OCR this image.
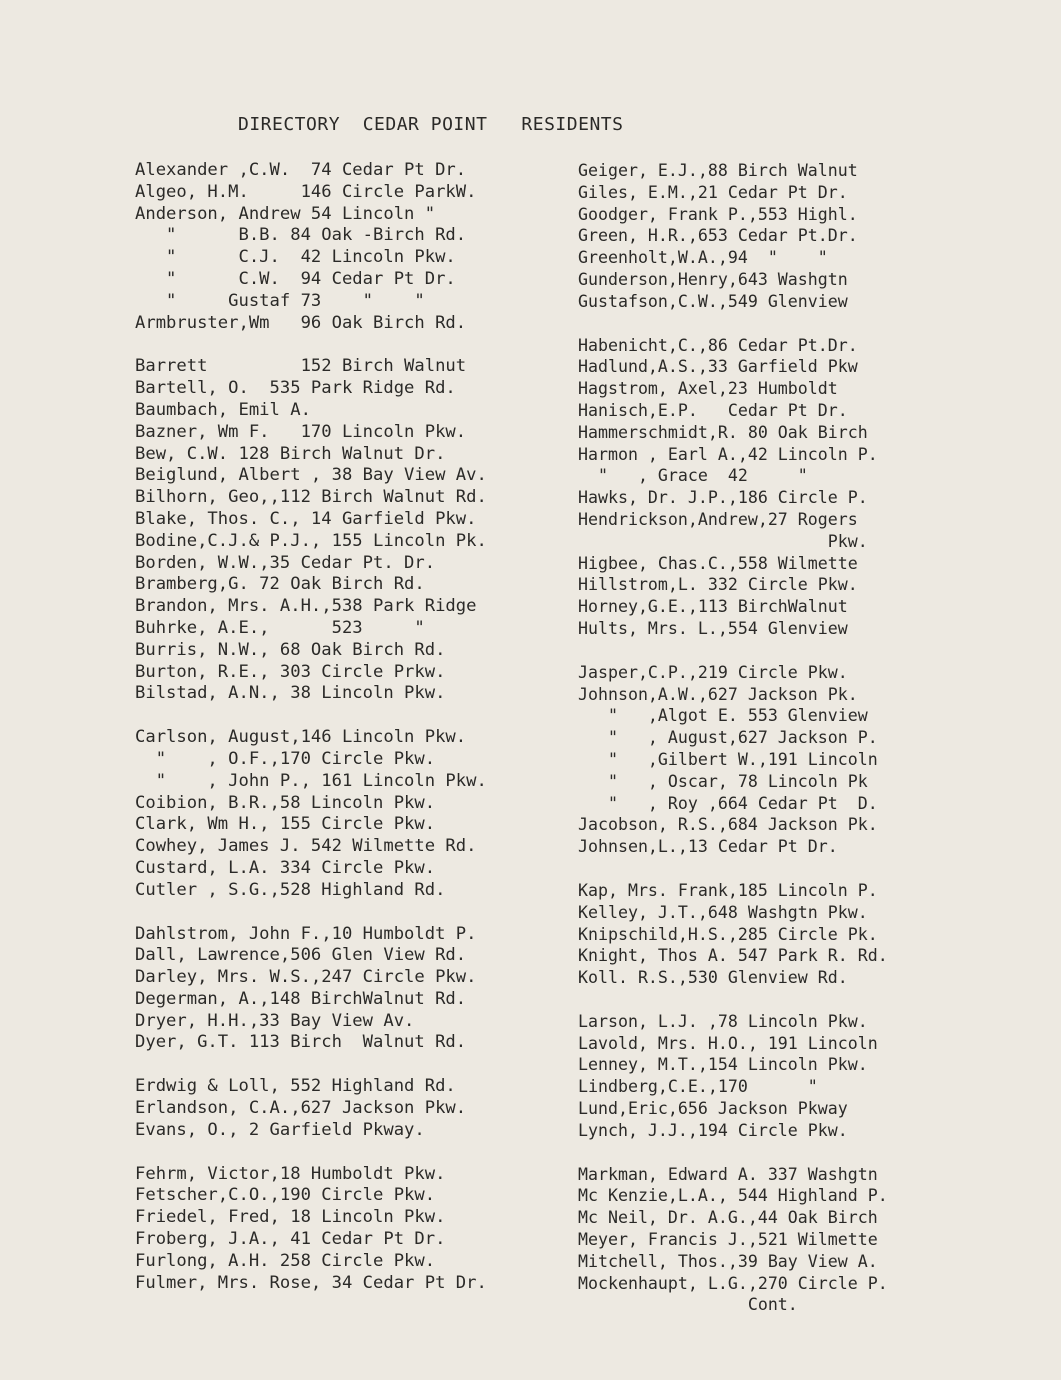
DIRECTORY  CEDAR POINT   RESIDENTS
Alexander ,C.W.  74 Cedar Pt Dr.
Algeo, H.M.     146 Circle ParkW.
Anderson, Andrew 54 Lincoln "
"      B.B. 84 Oak -Birch Rd.
"      C.J.  42 Lincoln Pkw.
"      C.W.  94 Cedar Pt Dr.
"     Gustaf 73    "    "
Armbruster,Wm   96 Oak Birch Rd.
Barrett         152 Birch Walnut
Bartell, O.  535 Park Ridge Rd.
Baumbach, Emil A.
Bazner, Wm F.   170 Lincoln Pkw.
Bew, C.W. 128 Birch Walnut Dr.
Beiglund, Albert , 38 Bay View Av.
Bilhorn, Geo,,112 Birch Walnut Rd.
Blake, Thos. C., 14 Garfield Pkw.
Bodine,C.J.& P.J., 155 Lincoln Pk.
Borden, W.W.,35 Cedar Pt. Dr.
Bramberg,G. 72 Oak Birch Rd.
Brandon, Mrs. A.H.,538 Park Ridge
Buhrke, A.E.,      523     "
Burris, N.W., 68 Oak Birch Rd.
Burton, R.E., 303 Circle Prkw.
Bilstad, A.N., 38 Lincoln Pkw.
Carlson, August,146 Lincoln Pkw.
"    , O.F.,170 Circle Pkw.
"    , John P., 161 Lincoln Pkw.
Coibion, B.R.,58 Lincoln Pkw.
Clark, Wm H., 155 Circle Pkw.
Cowhey, James J. 542 Wilmette Rd.
Custard, L.A. 334 Circle Pkw.
Cutler , S.G.,528 Highland Rd.
Dahlstrom, John F.,10 Humboldt P.
Dall, Lawrence,506 Glen View Rd.
Darley, Mrs. W.S.,247 Circle Pkw.
Degerman, A.,148 BirchWalnut Rd.
Dryer, H.H.,33 Bay View Av.
Dyer, G.T. 113 Birch  Walnut Rd.
Erdwig & Loll, 552 Highland Rd.
Erlandson, C.A.,627 Jackson Pkw.
Evans, O., 2 Garfield Pkway.
Fehrm, Victor,18 Humboldt Pkw.
Fetscher,C.O.,190 Circle Pkw.
Friedel, Fred, 18 Lincoln Pkw.
Froberg, J.A., 41 Cedar Pt Dr.
Furlong, A.H. 258 Circle Pkw.
Fulmer, Mrs. Rose, 34 Cedar Pt Dr.
Geiger, E.J.,88 Birch Walnut
Giles, E.M.,21 Cedar Pt Dr.
Goodger, Frank P.,553 Highl.
Green, H.R.,653 Cedar Pt.Dr.
Greenholt,W.A.,94  "    "
Gunderson,Henry,643 Washgtn
Gustafson,C.W.,549 Glenview
Habenicht,C.,86 Cedar Pt.Dr.
Hadlund,A.S.,33 Garfield Pkw
Hagstrom, Axel,23 Humboldt
Hanisch,E.P.   Cedar Pt Dr.
Hammerschmidt,R. 80 Oak Birch
Harmon , Earl A.,42 Lincoln P.
"   , Grace  42     "
Hawks, Dr. J.P.,186 Circle P.
Hendrickson,Andrew,27 Rogers
Pkw.
Higbee, Chas.C.,558 Wilmette
Hillstrom,L. 332 Circle Pkw.
Horney,G.E.,113 BirchWalnut
Hults, Mrs. L.,554 Glenview
Jasper,C.P.,219 Circle Pkw.
Johnson,A.W.,627 Jackson Pk.
"   ,Algot E. 553 Glenview
"   , August,627 Jackson P.
"   ,Gilbert W.,191 Lincoln
"   , Oscar, 78 Lincoln Pk
"   , Roy ,664 Cedar Pt  D.
Jacobson, R.S.,684 Jackson Pk.
Johnsen,L.,13 Cedar Pt Dr.
Kap, Mrs. Frank,185 Lincoln P.
Kelley, J.T.,648 Washgtn Pkw.
Knipschild,H.S.,285 Circle Pk.
Knight, Thos A. 547 Park R. Rd.
Koll. R.S.,530 Glenview Rd.
Larson, L.J. ,78 Lincoln Pkw.
Lavold, Mrs. H.O., 191 Lincoln
Lenney, M.T.,154 Lincoln Pkw.
Lindberg,C.E.,170      "
Lund,Eric,656 Jackson Pkway
Lynch, J.J.,194 Circle Pkw.
Markman, Edward A. 337 Washgtn
Mc Kenzie,L.A., 544 Highland P.
Mc Neil, Dr. A.G.,44 Oak Birch
Meyer, Francis J.,521 Wilmette
Mitchell, Thos.,39 Bay View A.
Mockenhaupt, L.G.,270 Circle P.
Cont.
